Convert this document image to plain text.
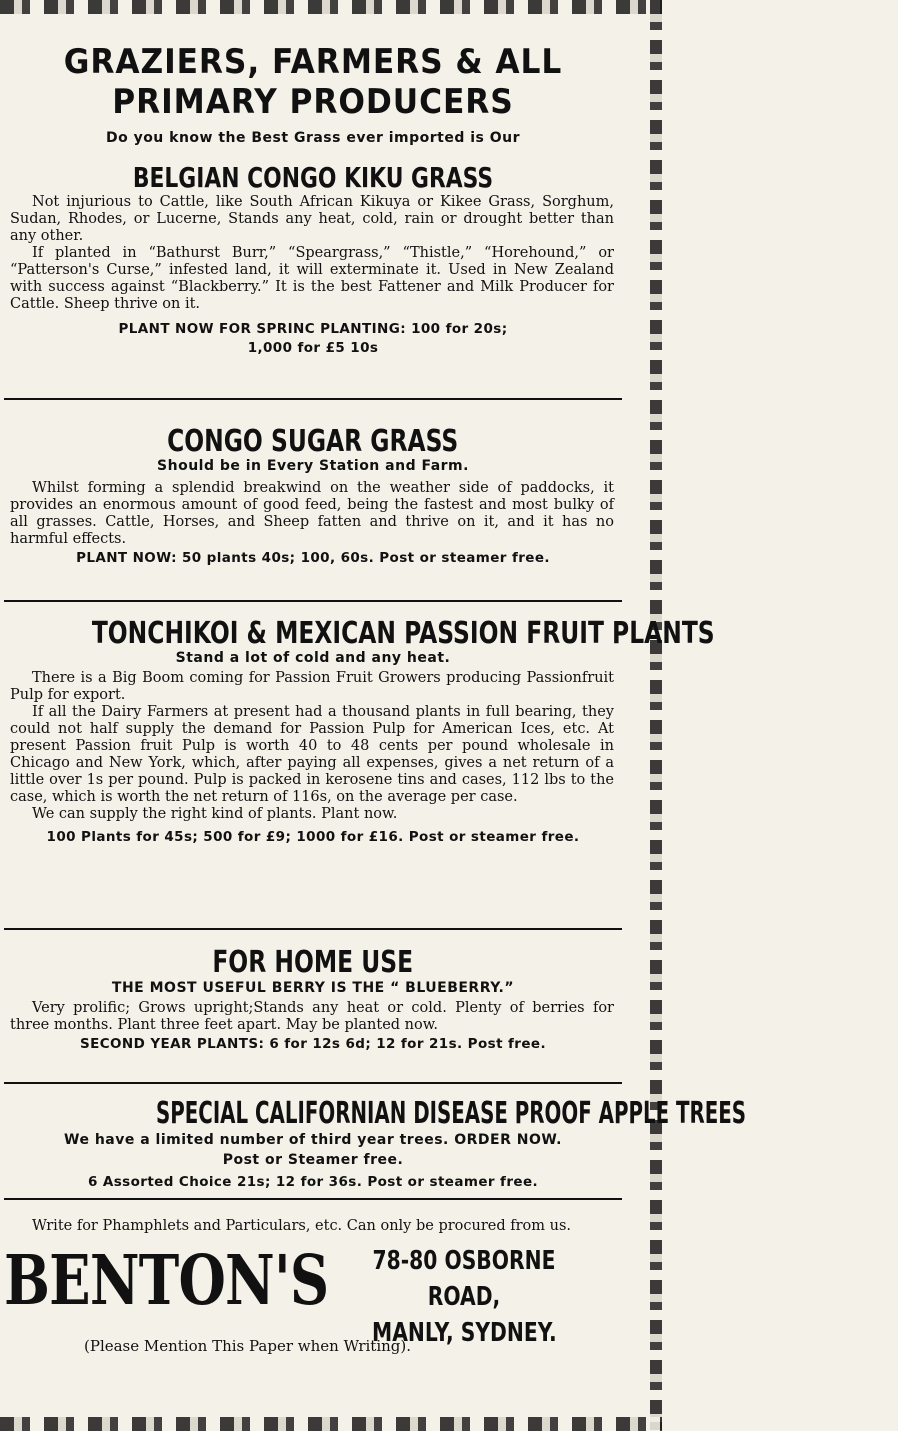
GRAZIERS, FARMERS & ALL
PRIMARY PRODUCERS
Do you know the Best Grass ever imported is Our
BELGIAN CONGO KIKU GRASS

Not injurious to Cattle, like South African Kikuya or Kikee Grass, Sorghum, Sudan, Rhodes, or Lucerne, Stands any heat, cold, rain or drought better than any other.

If planted in “Bathurst Burr,” “Speargrass,” “Thistle,” “Horehound,” or “Patterson's Curse,” infested land, it will exterminate it. Used in New Zealand with success against “Blackberry.” It is the best Fattener and Milk Producer for Cattle. Sheep thrive on it.

PLANT NOW FOR SPRINC PLANTING: 100 for 20s;
1,000 for £5 10s
CONGO SUGAR GRASS
Should be in Every Station and Farm.

Whilst forming a splendid breakwind on the weather side of paddocks, it provides an enormous amount of good feed, being the fastest and most bulky of all grasses. Cattle, Horses, and Sheep fatten and thrive on it, and it has no harmful effects.

PLANT NOW: 50 plants 40s; 100, 60s. Post or steamer free.
TONCHIKOI & MEXICAN PASSION FRUIT PLANTS
Stand a lot of cold and any heat.

There is a Big Boom coming for Passion Fruit Growers producing Passionfruit Pulp for export.

If all the Dairy Farmers at present had a thousand plants in full bearing, they could not half supply the demand for Passion Pulp for American Ices, etc. At present Passion fruit Pulp is worth 40 to 48 cents per pound wholesale in Chicago and New York, which, after paying all expenses, gives a net return of a little over 1s per pound. Pulp is packed in kerosene tins and cases, 112 lbs to the case, which is worth the net return of 116s, on the average per case.

We can supply the right kind of plants. Plant now.

100 Plants for 45s; 500 for £9; 1000 for £16. Post or steamer free.
FOR HOME USE
THE MOST USEFUL BERRY IS THE “ BLUEBERRY.”

Very prolific; Grows upright;Stands any heat or cold. Plenty of berries for three months. Plant three feet apart. May be planted now.

SECOND YEAR PLANTS: 6 for 12s 6d; 12 for 21s. Post free.
SPECIAL CALIFORNIAN DISEASE PROOF APPLE TREES
We have a limited number of third year trees. ORDER NOW.
Post or Steamer free.
6 Assorted Choice 21s; 12 for 36s. Post or steamer free.

Write for Phamphlets and Particulars, etc. Can only be procured from us.

BENTON'S	78-80 OSBORNE ROAD,
MANLY, SYDNEY.
(Please Mention This Paper when Writing).
